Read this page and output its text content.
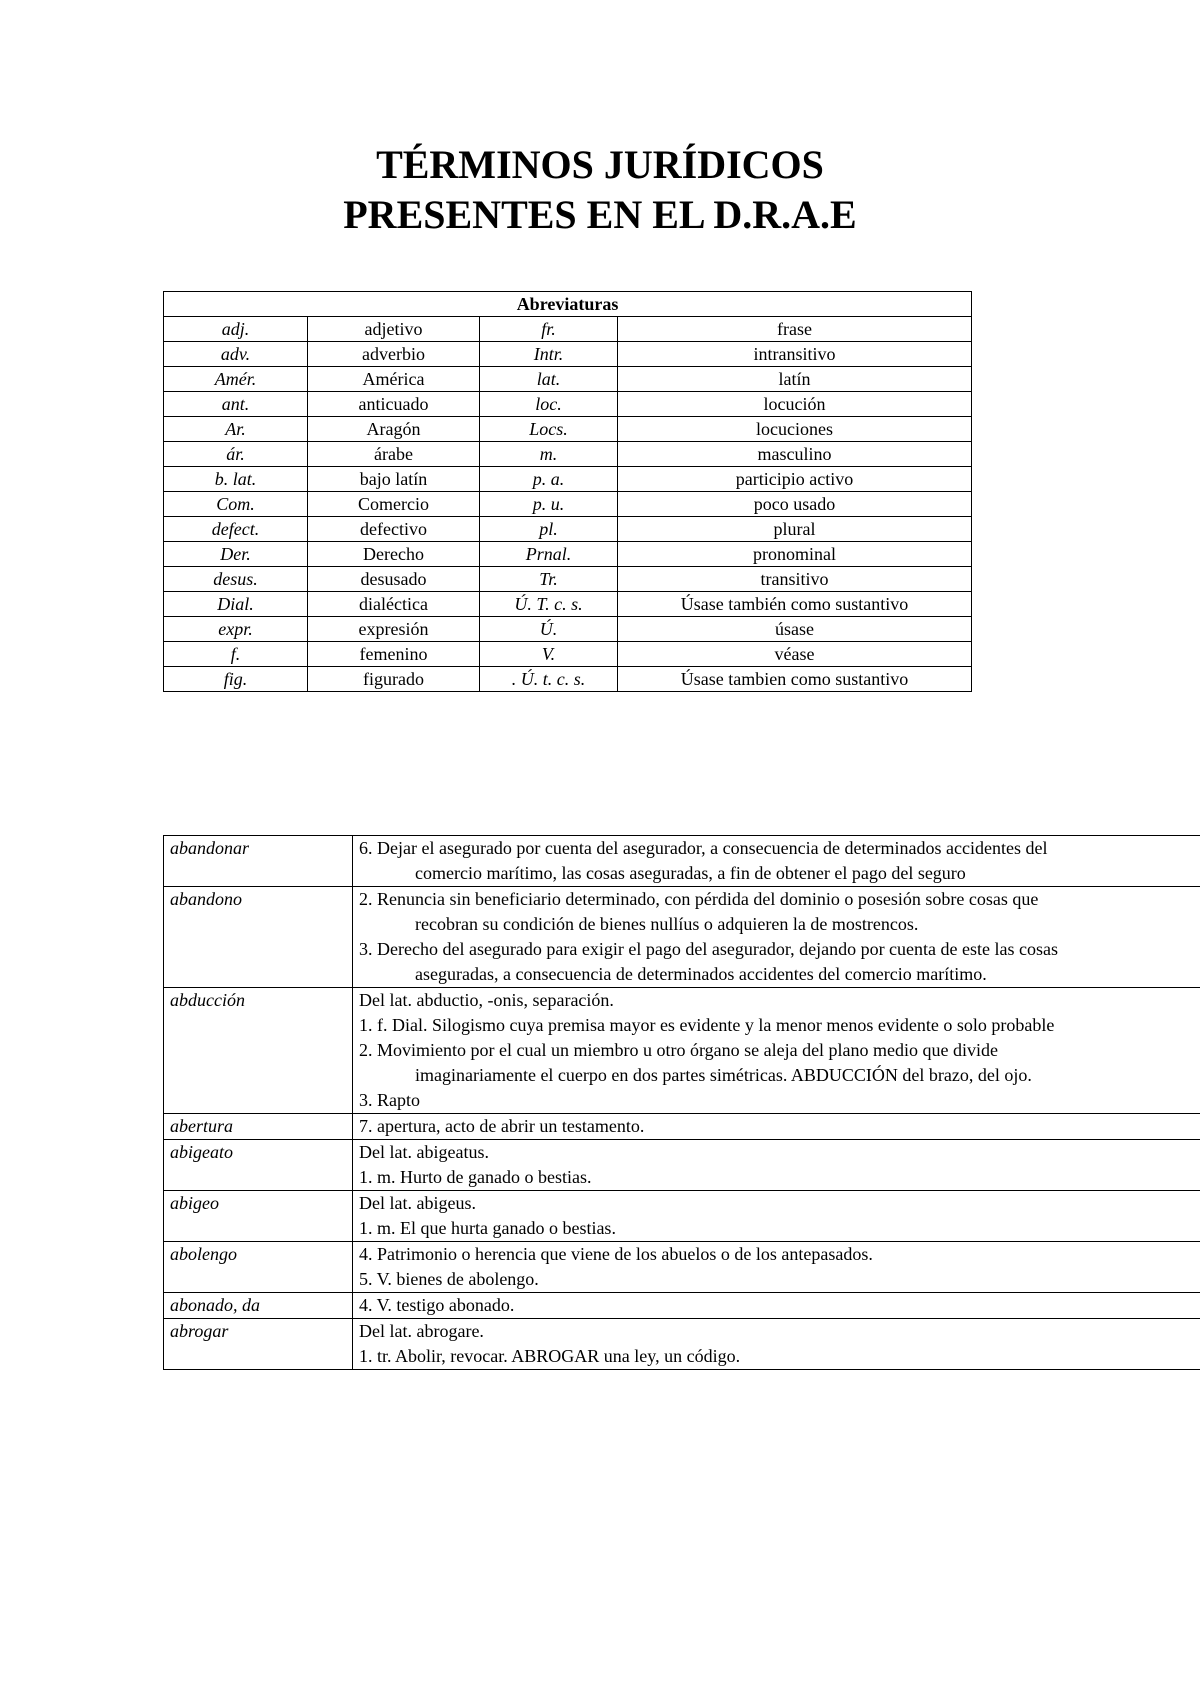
TÉRMINOS JURÍDICOS
PRESENTES EN EL D.R.A.E
Abreviaturas			
adj.	adjetivo	fr.	frase
adv.	adverbio	Intr.	intransitivo
Amér.	América	lat.	latín
ant.	anticuado	loc.	locución
Ar.	Aragón	Locs.	locuciones
ár.	árabe	m.	masculino
b. lat.	bajo latín	p. a.	participio activo
Com.	Comercio	p. u.	poco usado
defect.	defectivo	pl.	plural
Der.	Derecho	Prnal.	pronominal
desus.	desusado	Tr.	transitivo
Dial.	dialéctica	Ú. T. c. s.	Úsase también como sustantivo
expr.	expresión	Ú.	úsase
f.	femenino	V.	véase
fig.	figurado	. Ú. t. c. s.	Úsase tambien como sustantivo
abandonar	6. Dejar el asegurado por cuenta del asegurador, a consecuencia de determinados accidentes del
comercio marítimo, las cosas aseguradas, a fin de obtener el pago del seguro

abandono	2. Renuncia sin beneficiario determinado, con pérdida del dominio o posesión sobre cosas que
recobran su condición de bienes nullíus o adquieren la de mostrencos.
3. Derecho del asegurado para exigir el pago del asegurador, dejando por cuenta de este las cosas
aseguradas, a consecuencia de determinados accidentes del comercio marítimo.

abducción	Del lat. abductio, -onis, separación.
1. f. Dial. Silogismo cuya premisa mayor es evidente y la menor menos evidente o solo probable
2. Movimiento por el cual un miembro u otro órgano se aleja del plano medio que divide
imaginariamente el cuerpo en dos partes simétricas. ABDUCCIÓN del brazo, del ojo.
3. Rapto

abertura	7. apertura, acto de abrir un testamento.

abigeato	Del lat. abigeatus.
1. m. Hurto de ganado o bestias.

abigeo	Del lat. abigeus.
1. m. El que hurta ganado o bestias.

abolengo	4. Patrimonio o herencia que viene de los abuelos o de los antepasados.
5. V. bienes de abolengo.

abonado, da	4. V. testigo abonado.

abrogar	Del lat. abrogare.
1. tr. Abolir, revocar. ABROGAR una ley, un código.
